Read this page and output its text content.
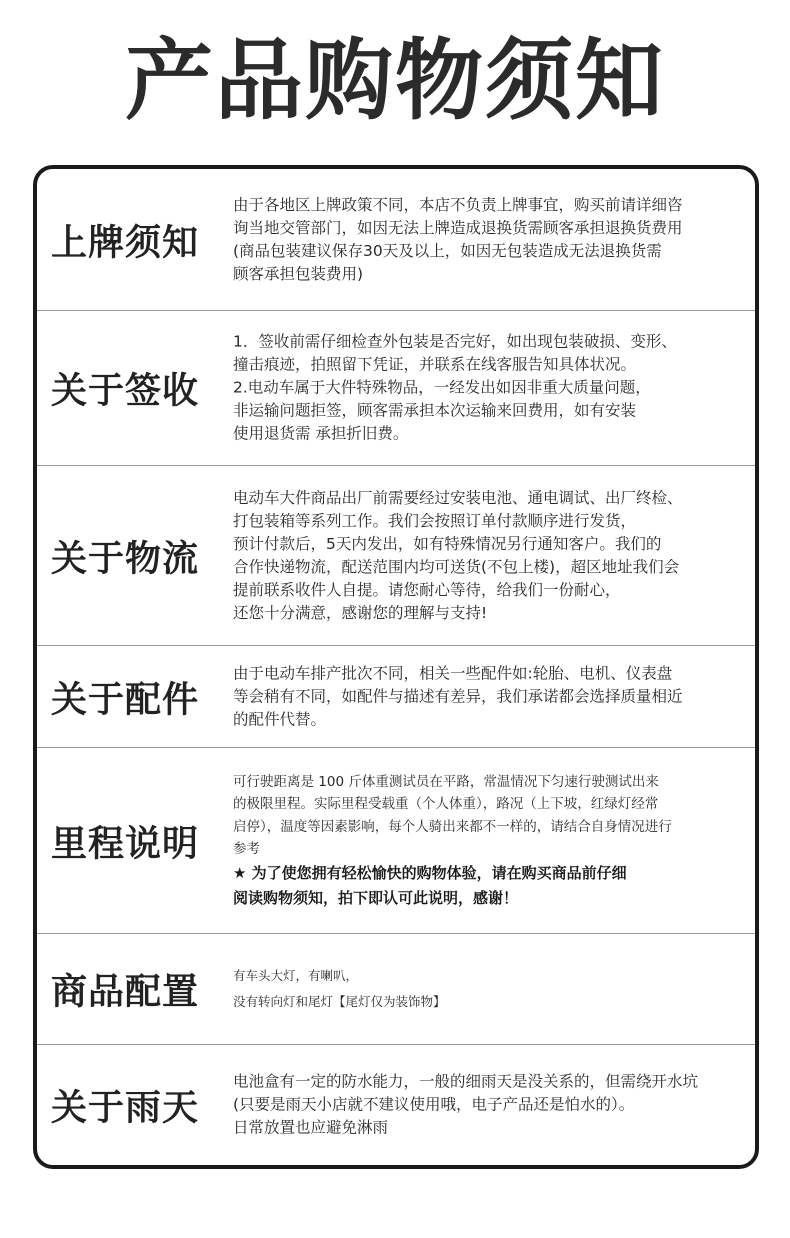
产品购物须知
上牌须知
由于各地区上牌政策不同，本店不负责上牌事宜，购买前请详细咨
询当地交管部门，如因无法上牌造成退换货需顾客承担退换货费用
(商品包装建议保存30天及以上，如因无包装造成无法退换货需
顾客承担包装费用)
关于签收
1．签收前需仔细检查外包装是否完好，如出现包装破损、变形、
撞击痕迹，拍照留下凭证，并联系在线客服告知具体状况。
2.电动车属于大件特殊物品，一经发出如因非重大质量问题，
非运输问题拒签，顾客需承担本次运输来回费用，如有安装
使用退货需 承担折旧费。
关于物流
电动车大件商品出厂前需要经过安装电池、通电调试、出厂终检、
打包装箱等系列工作。我们会按照订单付款顺序进行发货，
预计付款后，5天内发出，如有特殊情况另行通知客户。我们的
合作快递物流，配送范围内均可送货(不包上楼)，超区地址我们会
提前联系收件人自提。请您耐心等待，给我们一份耐心，
还您十分满意，感谢您的理解与支持!
关于配件
由于电动车排产批次不同，相关一些配件如:轮胎、电机、仪表盘
等会稍有不同，如配件与描述有差异，我们承诺都会选择质量相近
的配件代替。
里程说明
可行驶距离是 100 斤体重测试员在平路，常温情况下匀速行驶测试出来
的极限里程。实际里程受载重（个人体重），路况（上下坡，红绿灯经常
启停），温度等因素影响，每个人骑出来都不一样的，请结合自身情况进行
参考
★ 为了使您拥有轻松愉快的购物体验，请在购买商品前仔细
阅读购物须知，拍下即认可此说明，感谢！
商品配置	有车头大灯，有喇叭，
没有转向灯和尾灯【尾灯仅为装饰物】
关于雨天
电池盒有一定的防水能力，一般的细雨天是没关系的，但需绕开水坑
(只要是雨天小店就不建议使用哦，电子产品还是怕水的）。
日常放置也应避免淋雨
